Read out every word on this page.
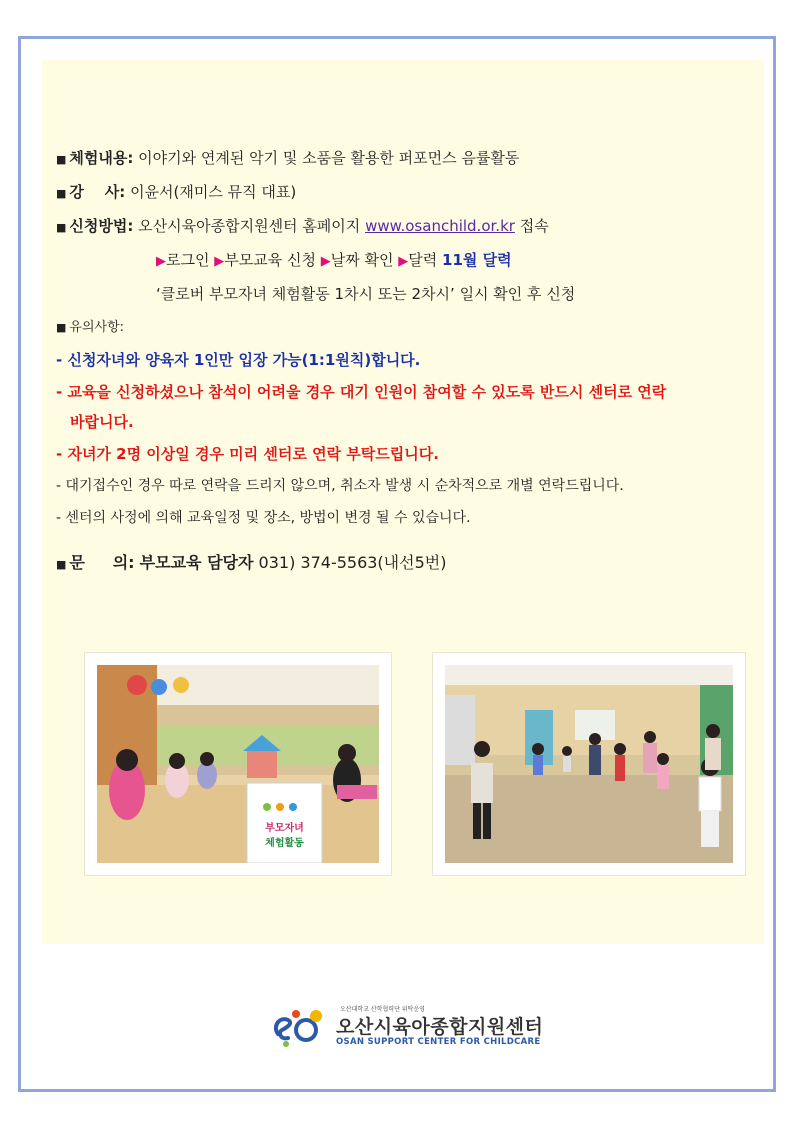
■ 체험내용: 이야기와 연계된 악기 및 소품을 활용한 퍼포먼스 음률활동
■ 강    사: 이윤서(재미스 뮤직 대표)
■ 신청방법: 오산시육아종합지원센터 홈페이지 www.osanchild.or.kr 접속
▶로그인 ▶부모교육 신청 ▶날짜 확인 ▶달력 11월 달력
‘클로버 부모자녀 체험활동 1차시 또는 2차시’ 일시 확인 후 신청
■ 유의사항:
- 신청자녀와 양육자 1인만 입장 가능(1:1원칙)합니다.
- 교육을 신청하셨으나 참석이 어려울 경우 대기 인원이 참여할 수 있도록 반드시 센터로 연락
바랍니다.
- 자녀가 2명 이상일 경우 미리 센터로 연락 부탁드립니다.
- 대기접수인 경우 따로 연락을 드리지 않으며, 취소자 발생 시 순차적으로 개별 연락드립니다.
- 센터의 사정에 의해 교육일정 및 장소, 방법이 변경 될 수 있습니다.
■ 문     의: 부모교육 담당자 031) 374-5563(내선5번)
부모자녀
체험활동
오산대학교 산학협력단 위탁운영
오산시육아종합지원센터
OSAN SUPPORT CENTER FOR CHILDCARE
